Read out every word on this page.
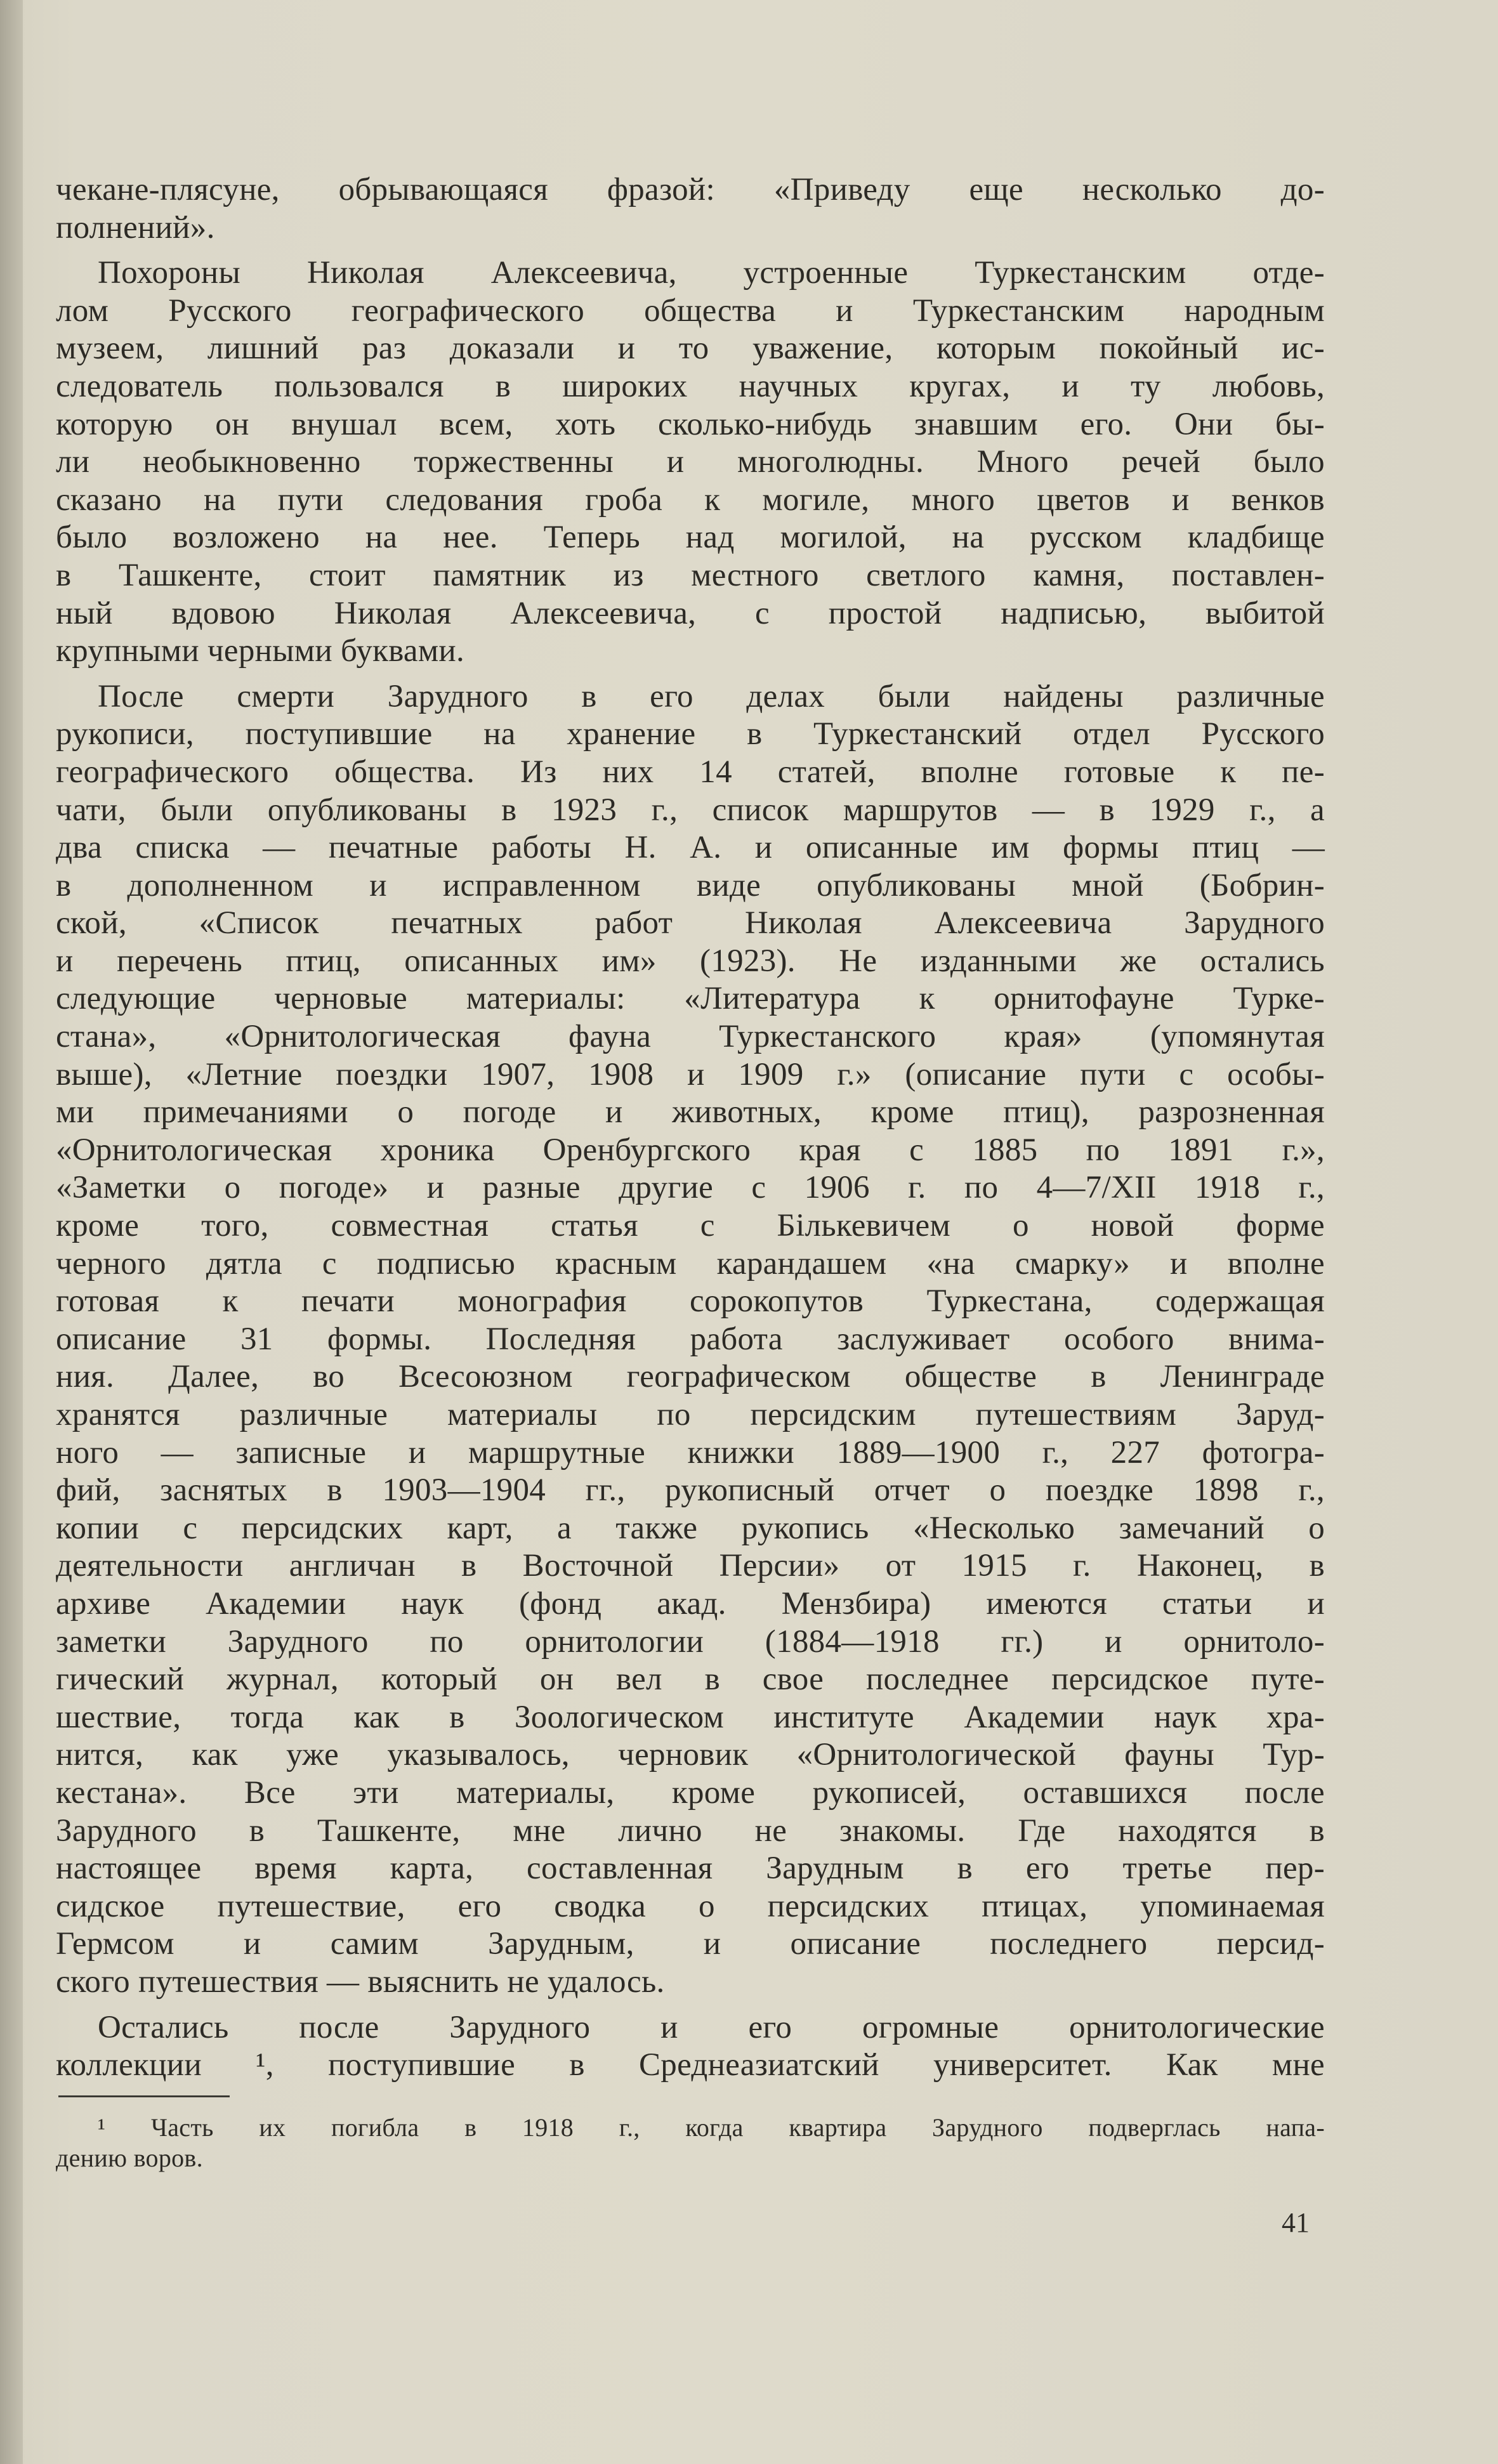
чекане-плясуне, обрывающаяся фразой: «Приведу еще несколько до-
полнений».
Похороны Николая Алексеевича, устроенные Туркестанским отде-
лом Русского географического общества и Туркестанским народным
музеем, лишний раз доказали и то уважение, которым покойный ис-
следователь пользовался в широких научных кругах, и ту любовь,
которую он внушал всем, хоть сколько-нибудь знавшим его. Они бы-
ли необыкновенно торжественны и многолюдны. Много речей было
сказано на пути следования гроба к могиле, много цветов и венков
было возложено на нее. Теперь над могилой, на русском кладбище
в Ташкенте, стоит памятник из местного светлого камня, поставлен-
ный вдовою Николая Алексеевича, с простой надписью, выбитой
крупными черными буквами.
После смерти Зарудного в его делах были найдены различные
рукописи, поступившие на хранение в Туркестанский отдел Русского
географического общества. Из них 14 статей, вполне готовые к пе-
чати, были опубликованы в 1923 г., список маршрутов — в 1929 г., а
два списка — печатные работы Н. А. и описанные им формы птиц —
в дополненном и исправленном виде опубликованы мной (Бобрин-
ской, «Список печатных работ Николая Алексеевича Зарудного
и перечень птиц, описанных им» (1923). Не изданными же остались
следующие черновые материалы: «Литература к орнитофауне Турке-
стана», «Орнитологическая фауна Туркестанского края» (упомянутая
выше), «Летние поездки 1907, 1908 и 1909 г.» (описание пути с особы-
ми примечаниями о погоде и животных, кроме птиц), разрозненная
«Орнитологическая хроника Оренбургского края с 1885 по 1891 г.»,
«Заметки о погоде» и разные другие с 1906 г. по 4—7/XII 1918 г.,
кроме того, совместная статья с Бількевичем о новой форме
черного дятла с подписью красным карандашем «на смарку» и вполне
готовая к печати монография сорокопутов Туркестана, содержащая
описание 31 формы. Последняя работа заслуживает особого внима-
ния. Далее, во Всесоюзном географическом обществе в Ленинграде
хранятся различные материалы по персидским путешествиям Заруд-
ного — записные и маршрутные книжки 1889—1900 г., 227 фотогра-
фий, заснятых в 1903—1904 гг., рукописный отчет о поездке 1898 г.,
копии с персидских карт, а также рукопись «Несколько замечаний о
деятельности англичан в Восточной Персии» от 1915 г. Наконец, в
архиве Академии наук (фонд акад. Мензбира) имеются статьи и
заметки Зарудного по орнитологии (1884—1918 гг.) и орнитоло-
гический журнал, который он вел в свое последнее персидское путе-
шествие, тогда как в Зоологическом институте Академии наук хра-
нится, как уже указывалось, черновик «Орнитологической фауны Тур-
кестана». Все эти материалы, кроме рукописей, оставшихся после
Зарудного в Ташкенте, мне лично не знакомы. Где находятся в
настоящее время карта, составленная Зарудным в его третье пер-
сидское путешествие, его сводка о персидских птицах, упоминаемая
Гермсом и самим Зарудным, и описание последнего персид-
ского путешествия — выяснить не удалось.
Остались после Зарудного и его огромные орнитологические
коллекции ¹, поступившие в Среднеазиатский университет. Как мне
¹ Часть их погибла в 1918 г., когда квартира Зарудного подверглась напа-
дению воров.
41
